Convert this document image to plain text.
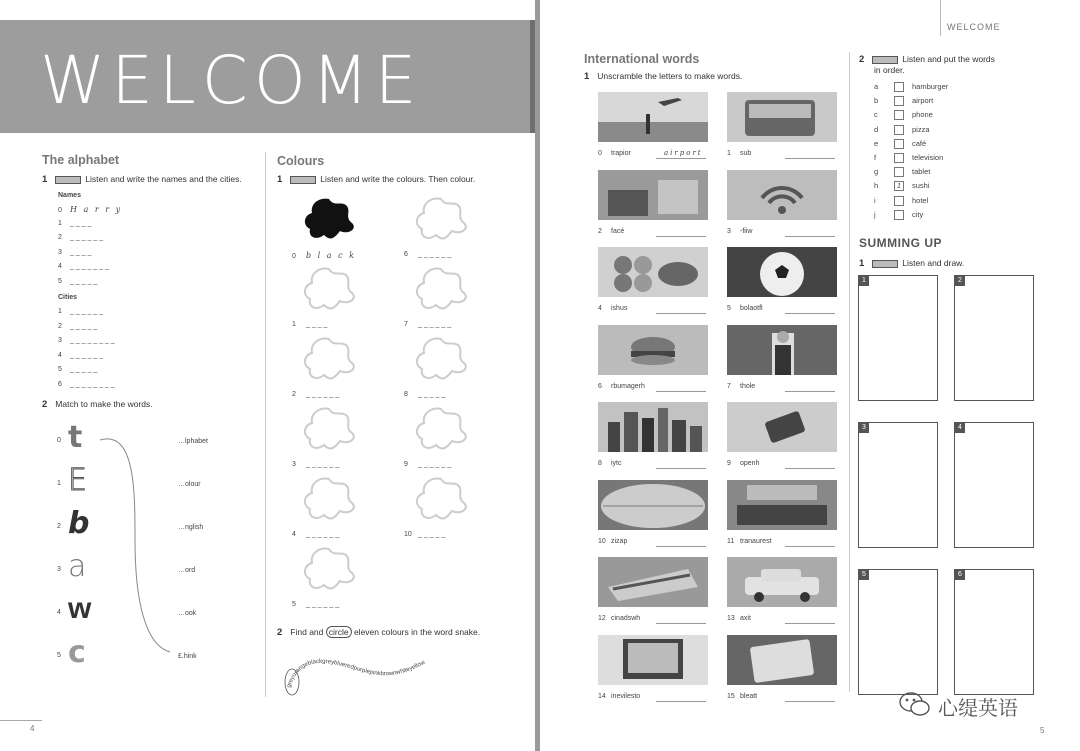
WELCOME
The alphabet
1	Listen and write the names and the cities.
Names
0 H a r r y
1 _ _ _ _
2 _ _ _ _ _ _
3 _ _ _ _
4 _ _ _ _ _ _ _
5 _ _ _ _ _
Cities
1 _ _ _ _ _ _
2 _ _ _ _ _
3 _ _ _ _ _ _ _ _
4 _ _ _ _ _ _
5 _ _ _ _ _
6 _ _ _ _ _ _ _ _
2 Match to make the words.
0 t
1 E
2 b
3 a
4 w
5 c
…lphabet
…olour
…nglish
…ord
…ook
£.hink
Colours
1	Listen and write the colours. Then colour.
0 b l a c k
1 _ _ _ _
2 _ _ _ _ _ _
3 _ _ _ _ _ _
4 _ _ _ _ _ _
5 _ _ _ _ _ _
6 _ _ _ _ _ _
7 _ _ _ _ _ _
8 _ _ _ _ _
9 _ _ _ _ _ _
10 _ _ _ _ _
2 Find and circle eleven colours in the word snake.
greyorangeblackgreyblueredpurplepinkbrownwhiteyellow
4
WELCOME
International words
1 Unscramble the letters to make words.
0 trapior	airport	1 sub
2 facé	3 -fiiw
4 ishus	5 bolaotfl
6 rbumagerh	7 thole
8 iytc	9 openh
10 zizap	11 tranaurest
12 cinadswh	13 axit
14 inevilesto	15 bleatt
2	Listen and put the words
in order.
a	hamburger
b	airport
c	phone
d	pizza
e	café
f	television
g	tablet
h	1 sushi
i	hotel
j	city
SUMMING UP
1	Listen and draw.
1	2
3	4
5	6
心缇英语
5
